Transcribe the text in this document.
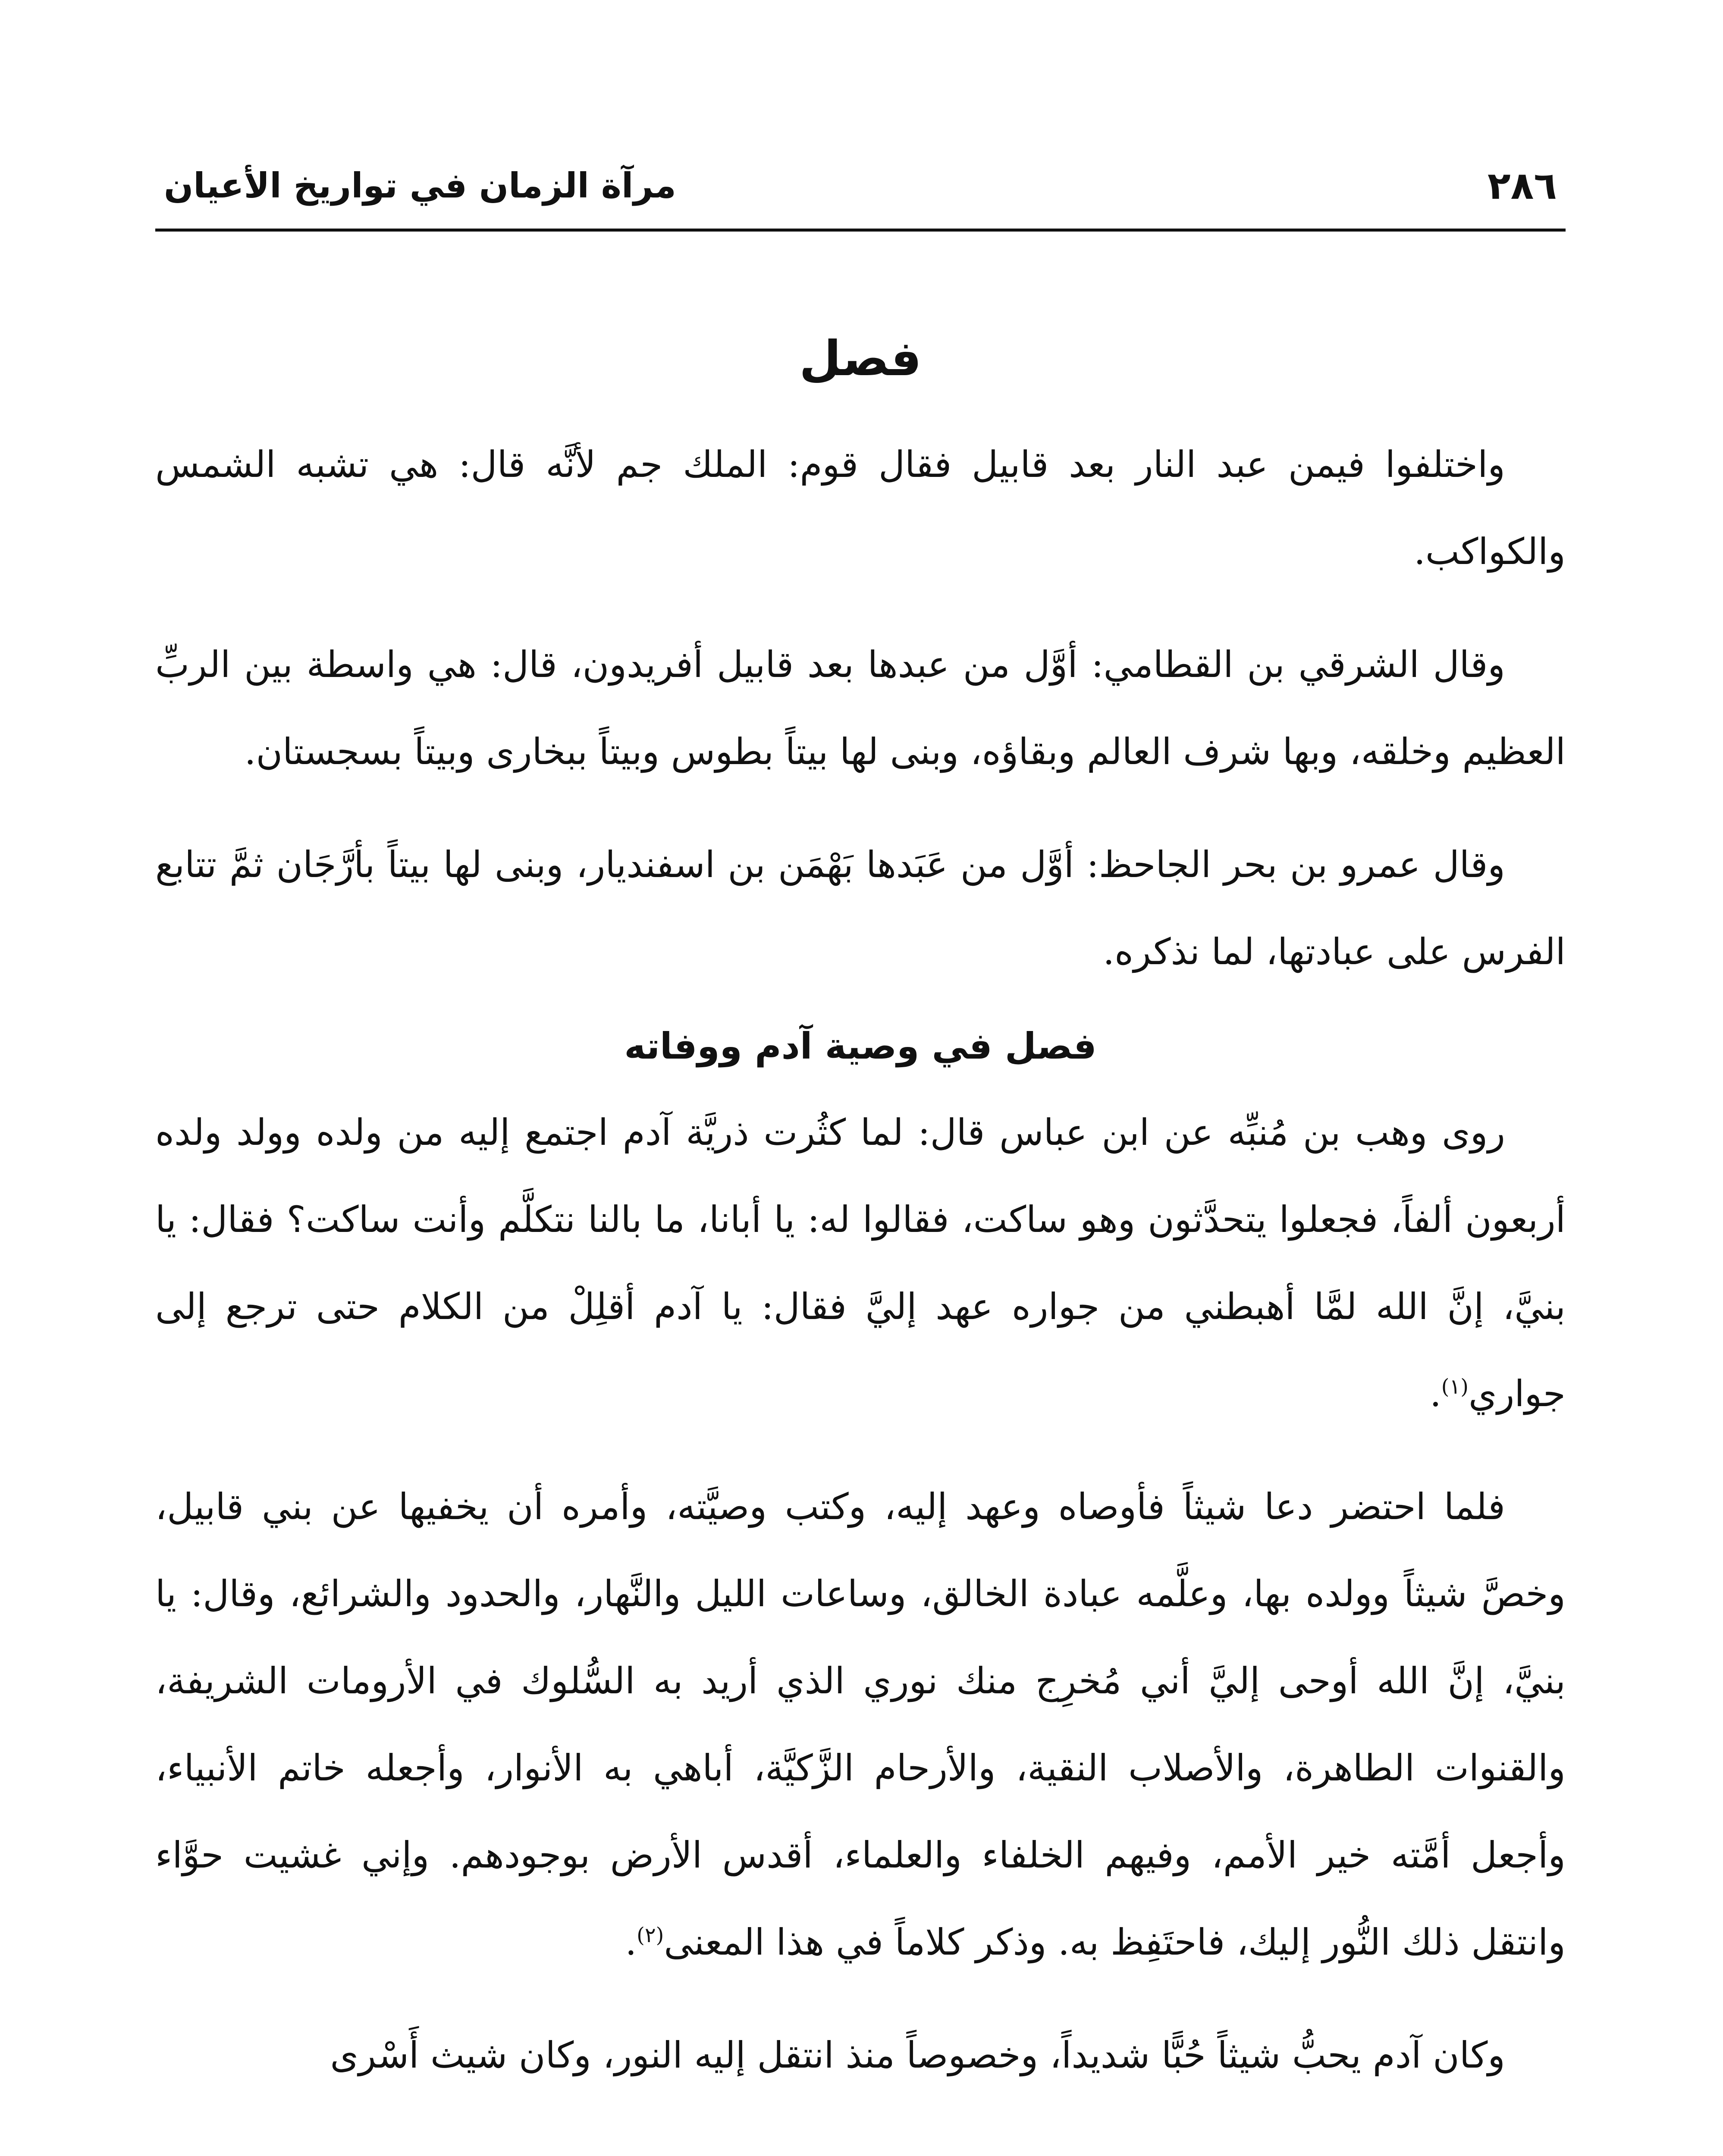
٢٨٦
مرآة الزمان في تواريخ الأعيان
فصل

واختلفوا فيمن عبد النار بعد قابيل فقال قوم: الملك جم لأنَّه قال: هي تشبه الشمس والكواكب.

وقال الشرقي بن القطامي: أوَّل من عبدها بعد قابيل أفريدون، قال: هي واسطة بين الربِّ العظيم وخلقه، وبها شرف العالم وبقاؤه، وبنى لها بيتاً بطوس وبيتاً ببخارى وبيتاً بسجستان.

وقال عمرو بن بحر الجاحظ: أوَّل من عَبَدها بَهْمَن بن اسفنديار، وبنى لها بيتاً بأرَّجَان ثمَّ تتابع الفرس على عبادتها، لما نذكره.

فصل في وصية آدم ووفاته

روى وهب بن مُنبِّه عن ابن عباس قال: لما كثُرت ذريَّة آدم اجتمع إليه من ولده وولد ولده أربعون ألفاً، فجعلوا يتحدَّثون وهو ساكت، فقالوا له: يا أبانا، ما بالنا نتكلَّم وأنت ساكت؟ فقال: يا بنيَّ، إنَّ الله لمَّا أهبطني من جواره عهد إليَّ فقال: يا آدم أقلِلْ من الكلام حتى ترجع إلى جواري$^{(١)}$.

فلما احتضر دعا شيثاً فأوصاه وعهد إليه، وكتب وصيَّته، وأمره أن يخفيها عن بني قابيل، وخصَّ شيثاً وولده بها، وعلَّمه عبادة الخالق، وساعات الليل والنَّهار، والحدود والشرائع، وقال: يا بنيَّ، إنَّ الله أوحى إليَّ أني مُخرِج منك نوري الذي أريد به السُّلوك في الأرومات الشريفة، والقنوات الطاهرة، والأصلاب النقية، والأرحام الزَّكيَّة، أباهي به الأنوار، وأجعله خاتم الأنبياء، وأجعل أمَّته خير الأمم، وفيهم الخلفاء والعلماء، أقدس الأرض بوجودهم. وإني غشيت حوَّاء وانتقل ذلك النُّور إليك، فاحتَفِظ به. وذكر كلاماً في هذا المعنى$^{(٢)}$.

وكان آدم يحبُّ شيثاً حُبًّا شديداً، وخصوصاً منذ انتقل إليه النور، وكان شيث أَسْرى
